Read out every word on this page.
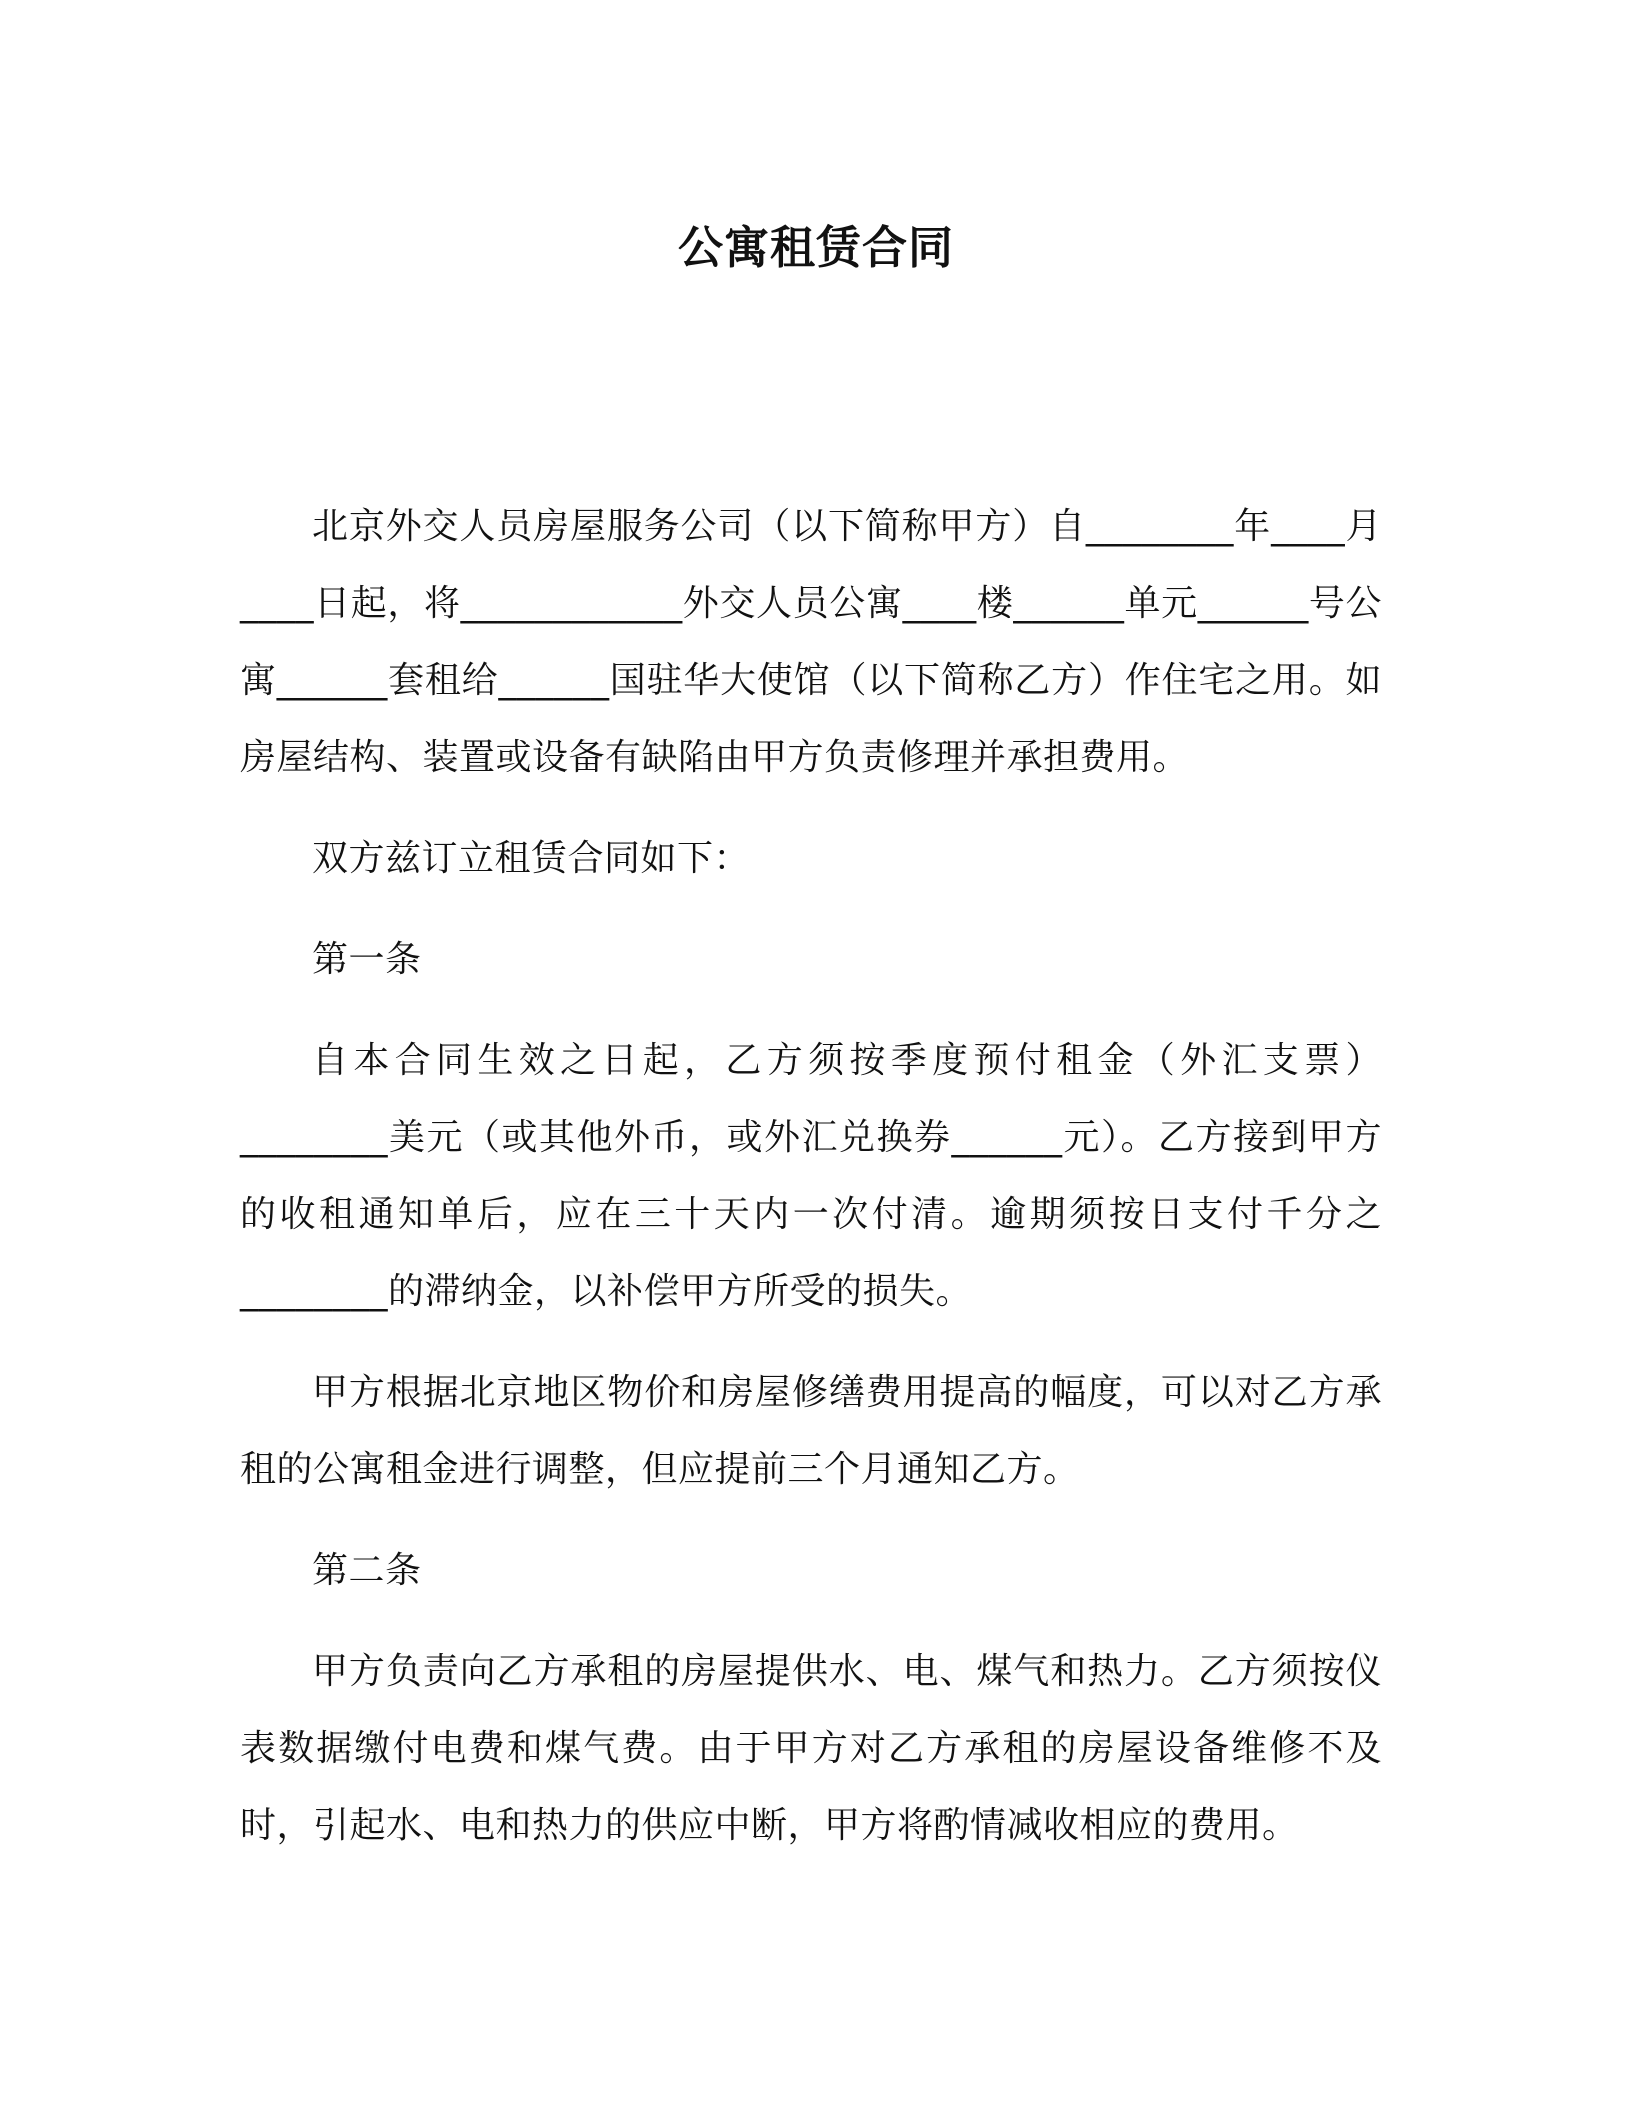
公寓租赁合同

北京外交人员房屋服务公司（以下简称甲方）自________年____月____日起，将____________外交人员公寓____楼______单元______号公寓______套租给______国驻华大使馆（以下简称乙方）作住宅之用。如房屋结构、装置或设备有缺陷由甲方负责修理并承担费用。

双方兹订立租赁合同如下：

第一条

自本合同生效之日起，乙方须按季度预付租金（外汇支票）________美元（或其他外币，或外汇兑换券______元）。乙方接到甲方的收租通知单后，应在三十天内一次付清。逾期须按日支付千分之________的滞纳金，以补偿甲方所受的损失。

甲方根据北京地区物价和房屋修缮费用提高的幅度，可以对乙方承租的公寓租金进行调整，但应提前三个月通知乙方。

第二条

甲方负责向乙方承租的房屋提供水、电、煤气和热力。乙方须按仪表数据缴付电费和煤气费。由于甲方对乙方承租的房屋设备维修不及时，引起水、电和热力的供应中断，甲方将酌情减收相应的费用。
